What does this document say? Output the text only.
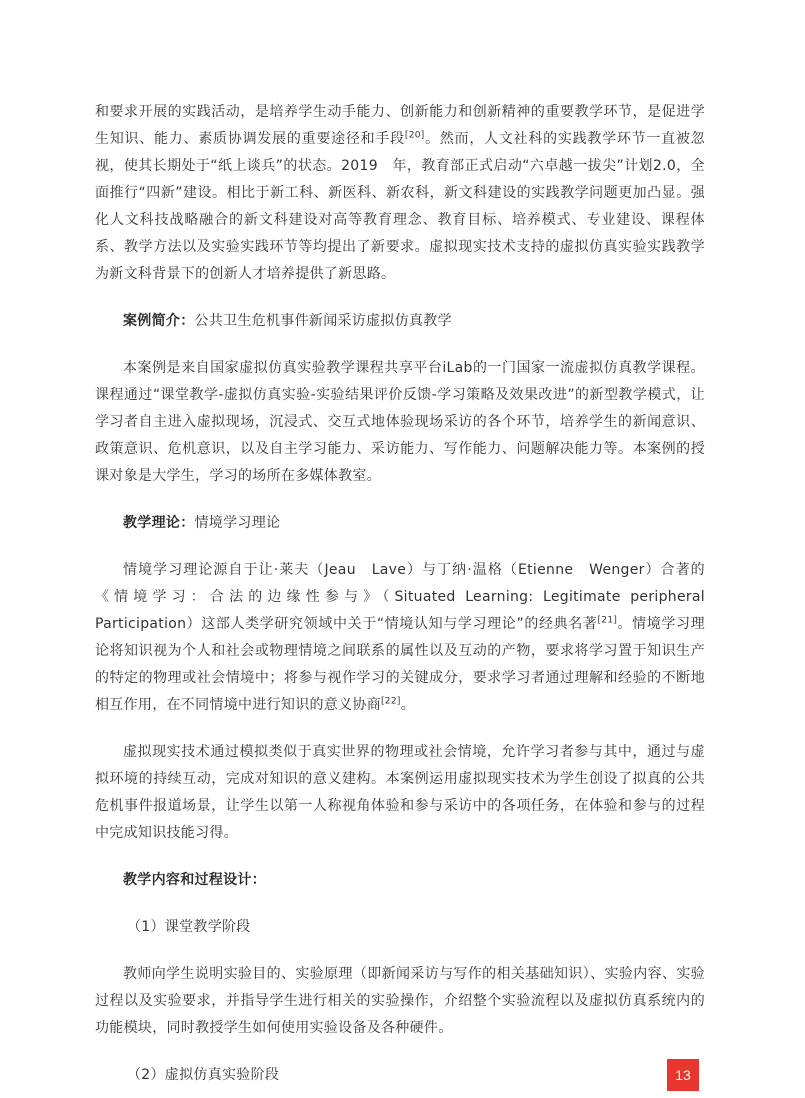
和要求开展的实践活动，是培养学生动手能力、创新能力和创新精神的重要教学环节，是促进学生知识、能力、素质协调发展的重要途径和手段[20]。然而，人文社科的实践教学环节一直被忽视，使其长期处于“纸上谈兵”的状态。2019　年，教育部正式启动“六卓越一拔尖”计划2.0，全面推行“四新”建设。相比于新工科、新医科、新农科，新文科建设的实践教学问题更加凸显。强化人文科技战略融合的新文科建设对高等教育理念、教育目标、培养模式、专业建设、课程体系、教学方法以及实验实践环节等均提出了新要求。虚拟现实技术支持的虚拟仿真实验实践教学为新文科背景下的创新人才培养提供了新思路。

案例简介：公共卫生危机事件新闻采访虚拟仿真教学

本案例是来自国家虚拟仿真实验教学课程共享平台iLab的一门国家一流虚拟仿真教学课程。课程通过“课堂教学-虚拟仿真实验-实验结果评价反馈-学习策略及效果改进”的新型教学模式，让学习者自主进入虚拟现场，沉浸式、交互式地体验现场采访的各个环节，培养学生的新闻意识、政策意识、危机意识，以及自主学习能力、采访能力、写作能力、问题解决能力等。本案例的授课对象是大学生，学习的场所在多媒体教室。

教学理论：情境学习理论

情境学习理论源自于让·莱夫（Jeau　Lave）与丁纳·温格（Etienne　Wenger）合著的《情境学习：合法的边缘性参与》（Situated Learning: Legitimate peripheral Participation）这部人类学研究领域中关于“情境认知与学习理论”的经典名著[21]。情境学习理论将知识视为个人和社会或物理情境之间联系的属性以及互动的产物，要求将学习置于知识生产的特定的物理或社会情境中；将参与视作学习的关键成分，要求学习者通过理解和经验的不断地相互作用，在不同情境中进行知识的意义协商[22]。

虚拟现实技术通过模拟类似于真实世界的物理或社会情境，允许学习者参与其中，通过与虚拟环境的持续互动，完成对知识的意义建构。本案例运用虚拟现实技术为学生创设了拟真的公共危机事件报道场景，让学生以第一人称视角体验和参与采访中的各项任务，在体验和参与的过程中完成知识技能习得。

教学内容和过程设计：

（1）课堂教学阶段

教师向学生说明实验目的、实验原理（即新闻采访与写作的相关基础知识）、实验内容、实验过程以及实验要求，并指导学生进行相关的实验操作，介绍整个实验流程以及虚拟仿真系统内的功能模块，同时教授学生如何使用实验设备及各种硬件。

（2）虚拟仿真实验阶段	13
